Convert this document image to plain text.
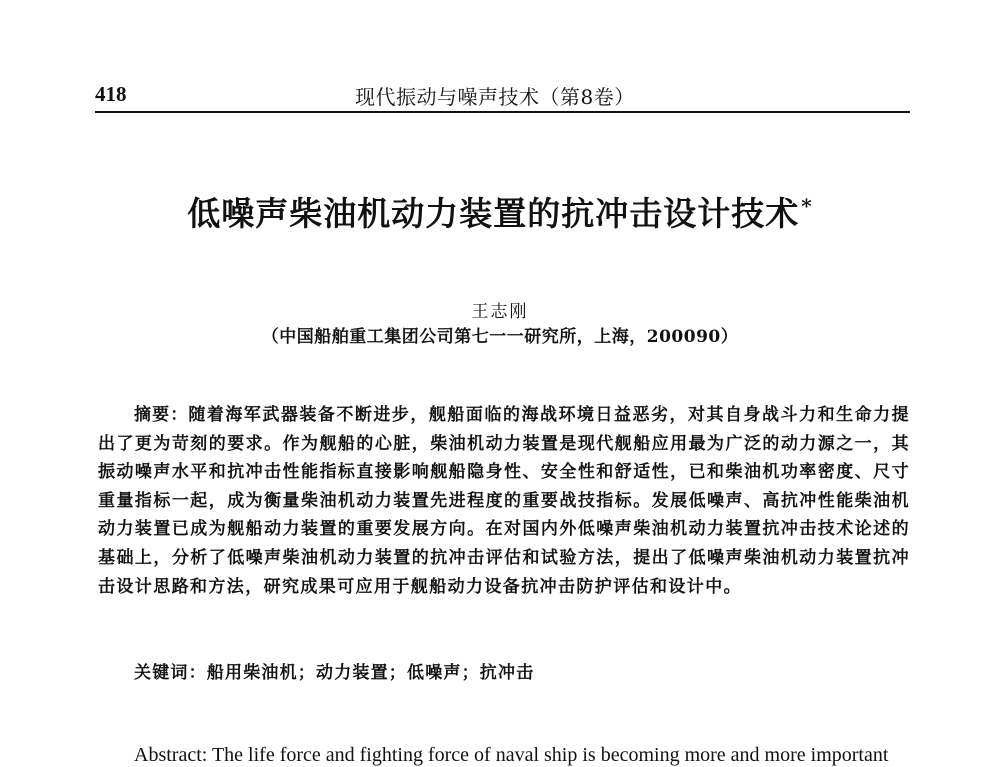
418	现代振动与噪声技术（第8卷）
低噪声柴油机动力装置的抗冲击设计技术 *
王志刚
（中国船舶重工集团公司第七一一研究所，上海，200090）
摘要：随着海军武器装备不断进步，舰船面临的海战环境日益恶劣，对其自身战斗力和生命力提出了更为苛刻的要求。作为舰船的心脏，柴油机动力装置是现代舰船应用最为广泛的动力源之一，其振动噪声水平和抗冲击性能指标直接影响舰船隐身性、安全性和舒适性，已和柴油机功率密度、尺寸重量指标一起，成为衡量柴油机动力装置先进程度的重要战技指标。发展低噪声、高抗冲性能柴油机动力装置已成为舰船动力装置的重要发展方向。在对国内外低噪声柴油机动力装置抗冲击技术论述的基础上，分析了低噪声柴油机动力装置的抗冲击评估和试验方法，提出了低噪声柴油机动力装置抗冲击设计思路和方法，研究成果可应用于舰船动力设备抗冲击防护评估和设计中。
关键词：船用柴油机；动力装置；低噪声；抗冲击
Abstract: The life force and fighting force of naval ship is becoming more and more important
